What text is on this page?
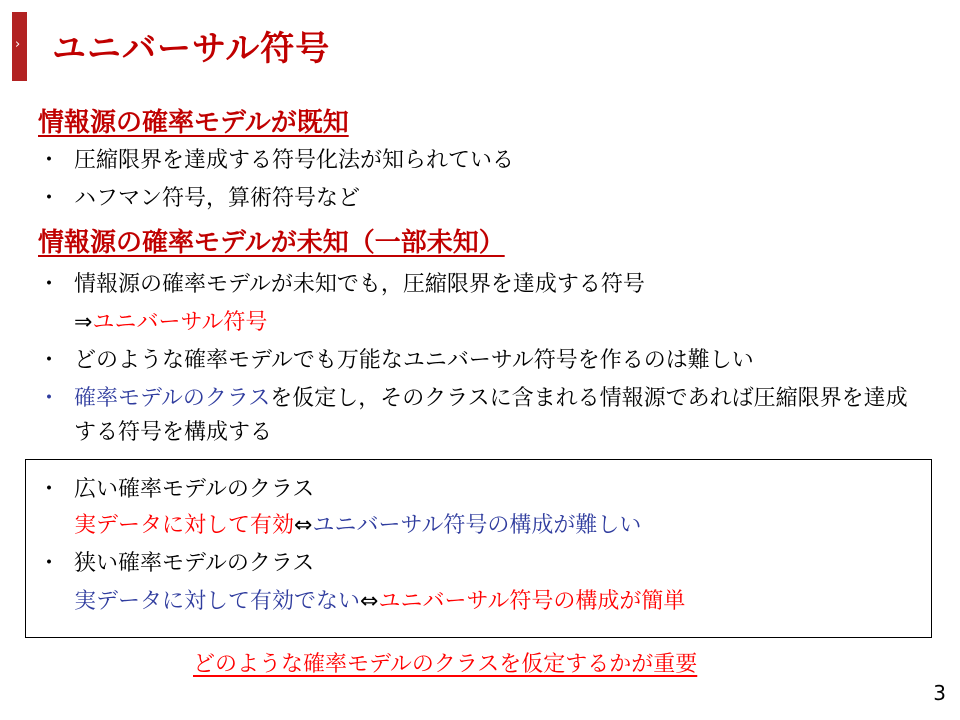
› ユニバーサル符号
情報源の確率モデルが既知
・ 圧縮限界を達成する符号化法が知られている
・ ハフマン符号，算術符号など
情報源の確率モデルが未知（一部未知）
・ 情報源の確率モデルが未知でも，圧縮限界を達成する符号
⇒ユニバーサル符号
・ どのような確率モデルでも万能なユニバーサル符号を作るのは難しい
・ 確率モデルのクラスを仮定し，そのクラスに含まれる情報源であれば圧縮限界を達成する符号を構成する
・ 広い確率モデルのクラス
実データに対して有効⇔ユニバーサル符号の構成が難しい
・ 狭い確率モデルのクラス
実データに対して有効でない⇔ユニバーサル符号の構成が簡単
どのような確率モデルのクラスを仮定するかが重要
3
